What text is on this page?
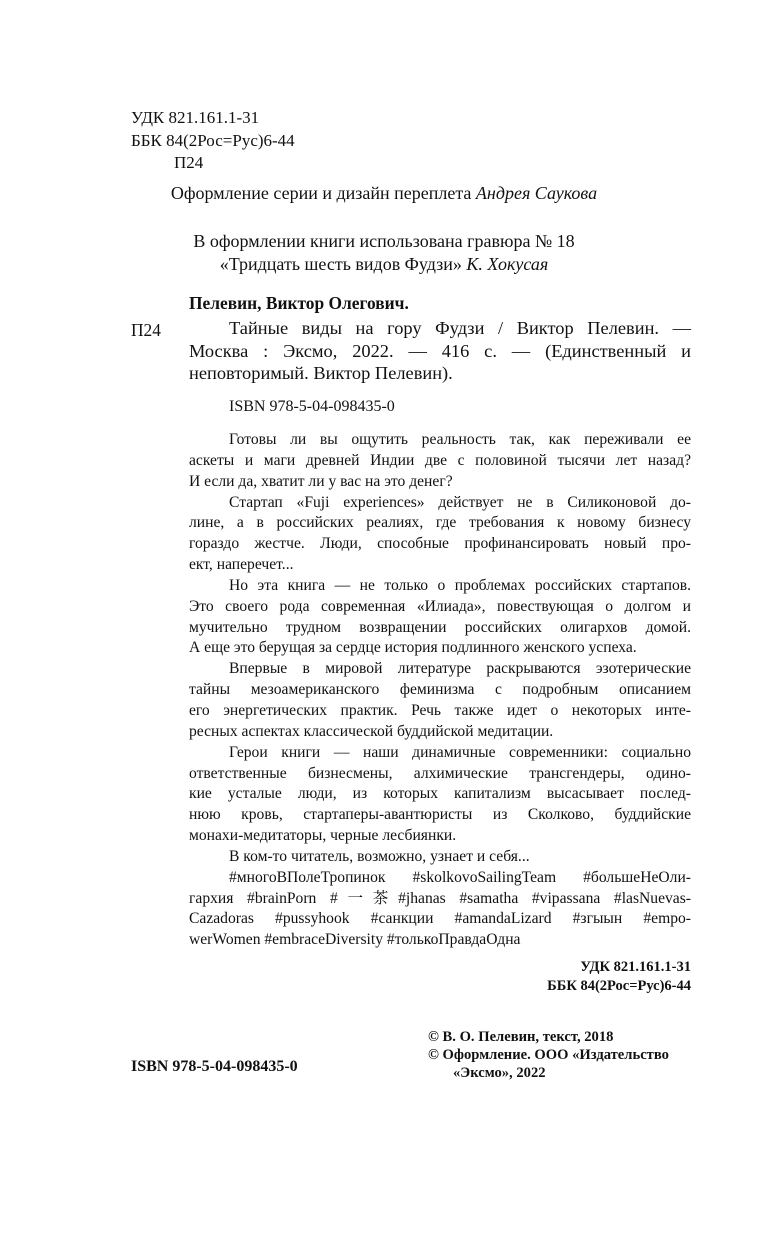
УДК 821.161.1-31
ББК 84(2Рос=Рус)6-44
П24
Оформление серии и дизайн переплета Андрея Саукова
В оформлении книги использована гравюра № 18
«Тридцать шесть видов Фудзи» К. Хокусая
Пелевин, Виктор Олегович.
П24	Тайные виды на гору Фудзи / Виктор Пелевин. —
Москва : Эксмо, 2022. — 416 с. — (Единственный и
неповторимый. Виктор Пелевин).
ISBN 978-5-04-098435-0

Готовы ли вы ощутить реальность так, как переживали ее
аскеты и маги древней Индии две с половиной тысячи лет назад?
И если да, хватит ли у вас на это денег?

Стартап «Fuji experiences» действует не в Силиконовой до-
лине, а в российских реалиях, где требования к новому бизнесу
гораздо жестче. Люди, способные профинансировать новый про-
ект, наперечет...

Но эта книга — не только о проблемах российских стартапов.
Это своего рода современная «Илиада», повествующая о долгом и
мучительно трудном возвращении российских олигархов домой.
А еще это берущая за сердце история подлинного женского успеха.

Впервые в мировой литературе раскрываются эзотерические
тайны мезоамериканского феминизма с подробным описанием
его энергетических практик. Речь также идет о некоторых инте-
ресных аспектах классической буддийской медитации.

Герои книги — наши динамичные современники: социально
ответственные бизнесмены, алхимические трансгендеры, одино-
кие усталые люди, из которых капитализм высасывает послед-
нюю кровь, стартаперы-авантюристы из Сколково, буддийские
монахи-медитаторы, черные лесбиянки.

В ком-то читатель, возможно, узнает и себя...

#многоВПолеТропинок #skolkovoSailingTeam #большеНеОли-
гархия #brainPorn #一茶#jhanas #samatha #vipassana #lasNuevas-
Cazadoras #pussyhook #санкции #amandaLizard #згыын #empo-
werWomen #embraceDiversity #толькоПравдаОдна

УДК 821.161.1-31
ББК 84(2Рос=Рус)6-44
© В. О. Пелевин, текст, 2018
© Оформление. ООО «Издательство
«Эксмо», 2022
ISBN 978-5-04-098435-0
